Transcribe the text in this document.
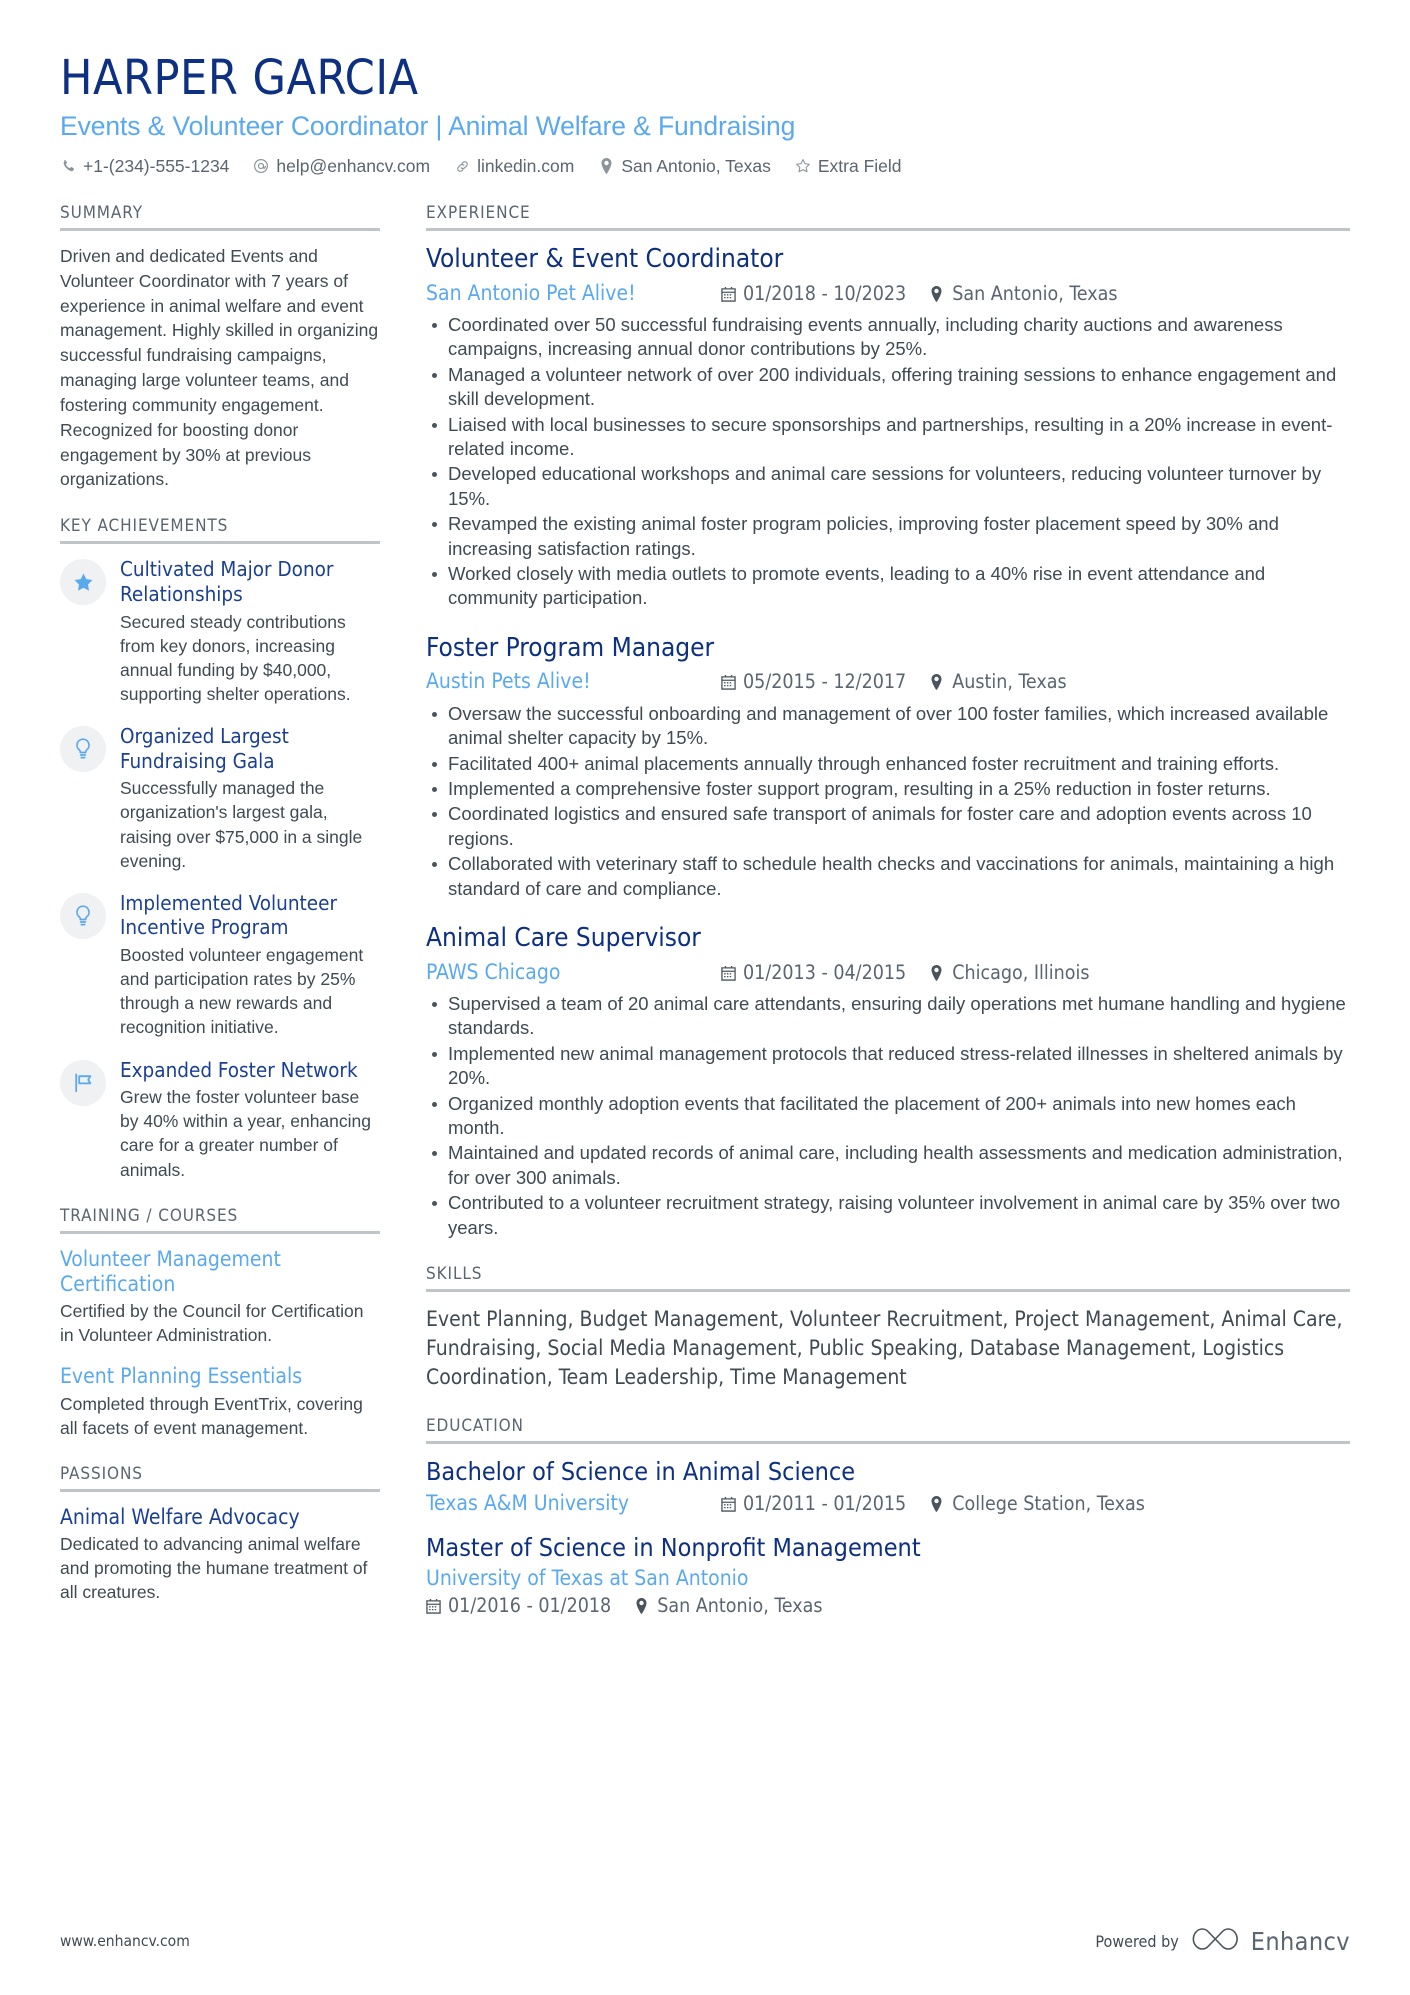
HARPER GARCIA
Events & Volunteer Coordinator | Animal Welfare & Fundraising
+1-(234)-555-1234	help@enhancv.com	linkedin.com	San Antonio, Texas	Extra Field
SUMMARY
Driven and dedicated Events and Volunteer Coordinator with 7 years of experience in animal welfare and event management. Highly skilled in organizing successful fundraising campaigns, managing large volunteer teams, and fostering community engagement. Recognized for boosting donor engagement by 30% at previous organizations.
KEY ACHIEVEMENTS
Cultivated Major Donor Relationships
Secured steady contributions from key donors, increasing annual funding by $40,000, supporting shelter operations.
Organized Largest Fundraising Gala
Successfully managed the organization's largest gala, raising over $75,000 in a single evening.
Implemented Volunteer Incentive Program
Boosted volunteer engagement and participation rates by 25% through a new rewards and recognition initiative.
Expanded Foster Network
Grew the foster volunteer base by 40% within a year, enhancing care for a greater number of animals.
TRAINING / COURSES
Volunteer Management Certification
Certified by the Council for Certification in Volunteer Administration.
Event Planning Essentials
Completed through EventTrix, covering all facets of event management.
PASSIONS
Animal Welfare Advocacy
Dedicated to advancing animal welfare and promoting the humane treatment of all creatures.
EXPERIENCE
Volunteer & Event Coordinator
San Antonio Pet Alive!	01/2018 - 10/2023 San Antonio, Texas
Coordinated over 50 successful fundraising events annually, including charity auctions and awareness campaigns, increasing annual donor contributions by 25%.
Managed a volunteer network of over 200 individuals, offering training sessions to enhance engagement and skill development.
Liaised with local businesses to secure sponsorships and partnerships, resulting in a 20% increase in event-related income.
Developed educational workshops and animal care sessions for volunteers, reducing volunteer turnover by 15%.
Revamped the existing animal foster program policies, improving foster placement speed by 30% and increasing satisfaction ratings.
Worked closely with media outlets to promote events, leading to a 40% rise in event attendance and community participation.
Foster Program Manager
Austin Pets Alive!	05/2015 - 12/2017 Austin, Texas
Oversaw the successful onboarding and management of over 100 foster families, which increased available animal shelter capacity by 15%.
Facilitated 400+ animal placements annually through enhanced foster recruitment and training efforts.
Implemented a comprehensive foster support program, resulting in a 25% reduction in foster returns.
Coordinated logistics and ensured safe transport of animals for foster care and adoption events across 10 regions.
Collaborated with veterinary staff to schedule health checks and vaccinations for animals, maintaining a high standard of care and compliance.
Animal Care Supervisor
PAWS Chicago	01/2013 - 04/2015 Chicago, Illinois
Supervised a team of 20 animal care attendants, ensuring daily operations met humane handling and hygiene standards.
Implemented new animal management protocols that reduced stress-related illnesses in sheltered animals by 20%.
Organized monthly adoption events that facilitated the placement of 200+ animals into new homes each month.
Maintained and updated records of animal care, including health assessments and medication administration, for over 300 animals.
Contributed to a volunteer recruitment strategy, raising volunteer involvement in animal care by 35% over two years.
SKILLS
Event Planning, Budget Management, Volunteer Recruitment, Project Management, Animal Care, Fundraising, Social Media Management, Public Speaking, Database Management, Logistics Coordination, Team Leadership, Time Management
EDUCATION
Bachelor of Science in Animal Science
Texas A&M University	01/2011 - 01/2015 College Station, Texas
Master of Science in Nonprofit Management
University of Texas at San Antonio
01/2016 - 01/2018 San Antonio, Texas
www.enhancv.com	Powered by	Enhancv
